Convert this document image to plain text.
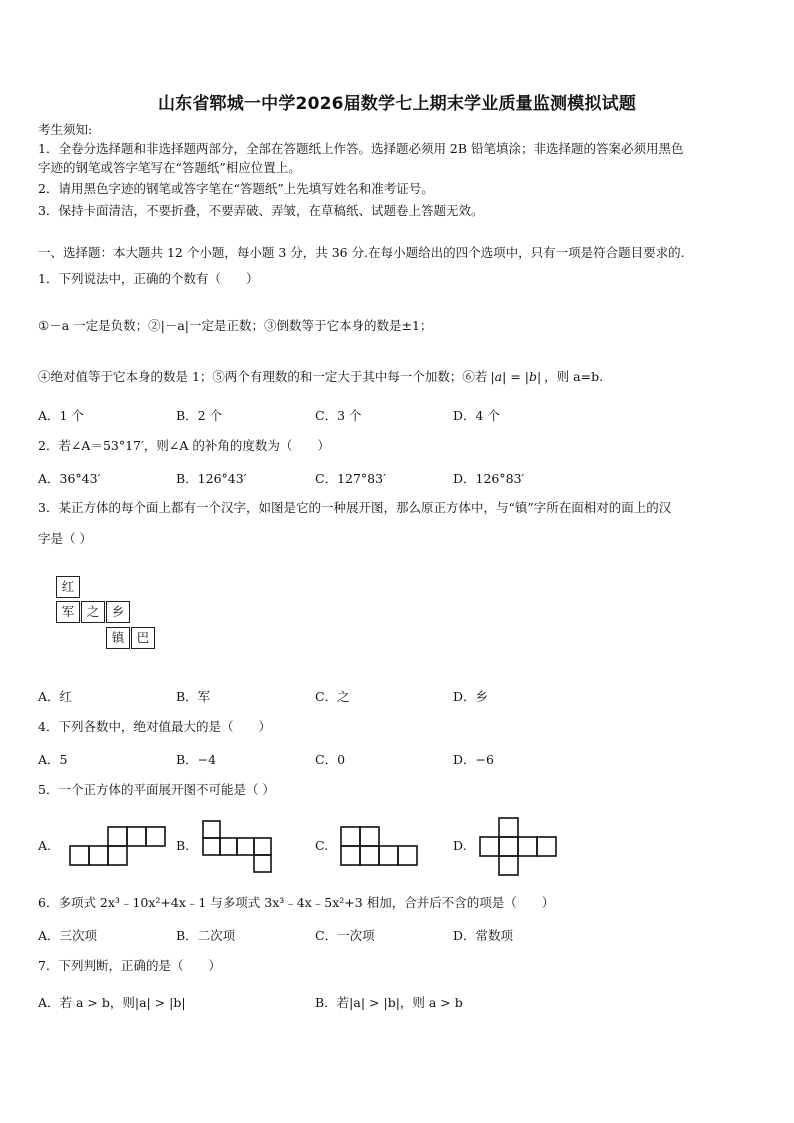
山东省郓城一中学2026届数学七上期末学业质量监测模拟试题
考生须知:
1．全卷分选择题和非选择题两部分，全部在答题纸上作答。选择题必须用 2B 铅笔填涂；非选择题的答案必须用黑色
字迹的钢笔或答字笔写在“答题纸”相应位置上。
2．请用黑色字迹的钢笔或答字笔在“答题纸”上先填写姓名和准考证号。
3．保持卡面清洁，不要折叠，不要弄破、弄皱，在草稿纸、试题卷上答题无效。
一、选择题：本大题共 12 个小题，每小题 3 分，共 36 分.在每小题给出的四个选项中，只有一项是符合题目要求的.
1．下列说法中，正确的个数有（　　）
①－a 一定是负数；②|－a|一定是正数；③倒数等于它本身的数是±1；
④绝对值等于它本身的数是 1；⑤两个有理数的和一定大于其中每一个加数；⑥若 |a| = |b| ，则 a=b.
A．1 个	B．2 个	C．3 个	D．4 个
2．若∠A＝53°17′，则∠A 的补角的度数为（　　）
A．36°43′	B．126°43′	C．127°83′	D．126°83′
3．某正方体的每个面上都有一个汉字，如图是它的一种展开图，那么原正方体中，与“镇”字所在面相对的面上的汉
字是（ ）
红
军 之 乡
镇 巴
A．红	B．军	C．之	D．乡
4．下列各数中，绝对值最大的是（　　）
A．5	B．−4	C．0	D．−6
5．一个正方体的平面展开图不可能是（ ）
A.	B.	C.	D.
6．多项式 2x³﹣10x²+4x﹣1 与多项式 3x³﹣4x﹣5x²+3 相加，合并后不含的项是（　　）
A．三次项	B．二次项	C．一次项	D．常数项
7．下列判断，正确的是（　　）
A．若 a > b，则|a| > |b|	B．若|a| > |b|，则 a > b
